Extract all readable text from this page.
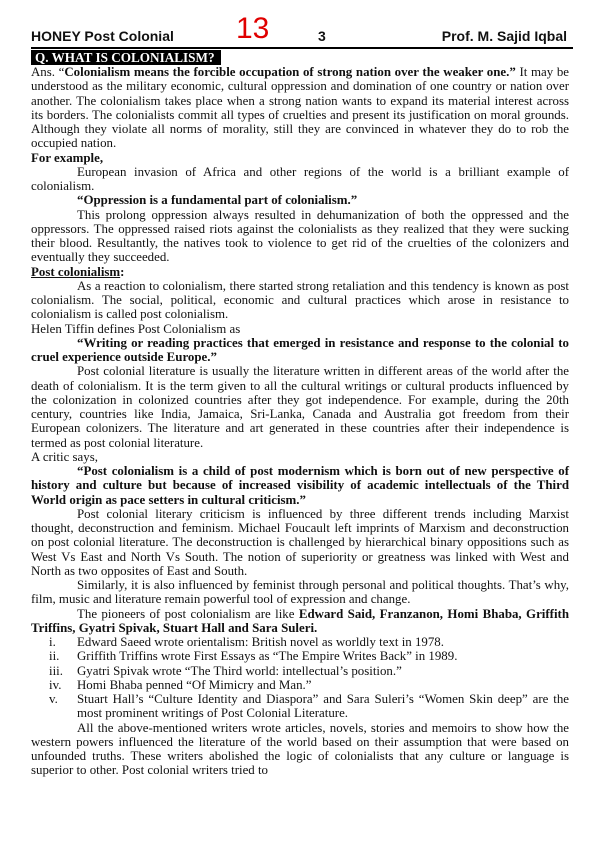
HONEY Post Colonial 13	3	Prof. M. Sajid Iqbal
Q. WHAT IS COLONIALISM?

Ans. “Colonialism means the forcible occupation of strong nation over the weaker one.” It may be understood as the military economic, cultural oppression and domination of one country or nation over another. The colonialism takes place when a strong nation wants to expand its material interest across its borders. The colonialists commit all types of cruelties and present its justification on moral grounds. Although they violate all norms of morality, still they are convinced in whatever they do to rob the occupied nation.

For example,

European invasion of Africa and other regions of the world is a brilliant example of colonialism.

“Oppression is a fundamental part of colonialism.”

This prolong oppression always resulted in dehumanization of both the oppressed and the oppressors. The oppressed raised riots against the colonialists as they realized that they were sucking their blood. Resultantly, the natives took to violence to get rid of the cruelties of the colonizers and eventually they succeeded.

Post colonialism:

As a reaction to colonialism, there started strong retaliation and this tendency is known as post colonialism. The social, political, economic and cultural practices which arose in resistance to colonialism is called post colonialism.

Helen Tiffin defines Post Colonialism as

“Writing or reading practices that emerged in resistance and response to the colonial to cruel experience outside Europe.”

Post colonial literature is usually the literature written in different areas of the world after the death of colonialism. It is the term given to all the cultural writings or cultural products influenced by the colonization in colonized countries after they got independence. For example, during the 20th century, countries like India, Jamaica, Sri-Lanka, Canada and Australia got freedom from their European colonizers. The literature and art generated in these countries after their independence is termed as post colonial literature.

A critic says,

“Post colonialism is a child of post modernism which is born out of new perspective of history and culture but because of increased visibility of academic intellectuals of the Third World origin as pace setters in cultural criticism.”

Post colonial literary criticism is influenced by three different trends including Marxist thought, deconstruction and feminism. Michael Foucault left imprints of Marxism and deconstruction on post colonial literature. The deconstruction is challenged by hierarchical binary oppositions such as West Vs East and North Vs South. The notion of superiority or greatness was linked with West and North as two opposites of East and South.

Similarly, it is also influenced by feminist through personal and political thoughts. That’s why, film, music and literature remain powerful tool of expression and change.

The pioneers of post colonialism are like Edward Said, Franzanon, Homi Bhaba, Griffith Triffins, Gyatri Spivak, Stuart Hall and Sara Suleri.

i.	Edward Saeed wrote orientalism: British novel as worldly text in 1978.
ii.	Griffith Triffins wrote First Essays as “The Empire Writes Back” in 1989.
iii.	Gyatri Spivak wrote “The Third world: intellectual’s position.”
iv.	Homi Bhaba penned “Of Mimicry and Man.”
v.	Stuart Hall’s “Culture Identity and Diaspora” and Sara Suleri’s “Women Skin deep” are the most prominent writings of Post Colonial Literature.

All the above-mentioned writers wrote articles, novels, stories and memoirs to show how the western powers influenced the literature of the world based on their assumption that were based on unfounded truths. These writers abolished the logic of colonialists that any culture or language is superior to other. Post colonial writers tried to
